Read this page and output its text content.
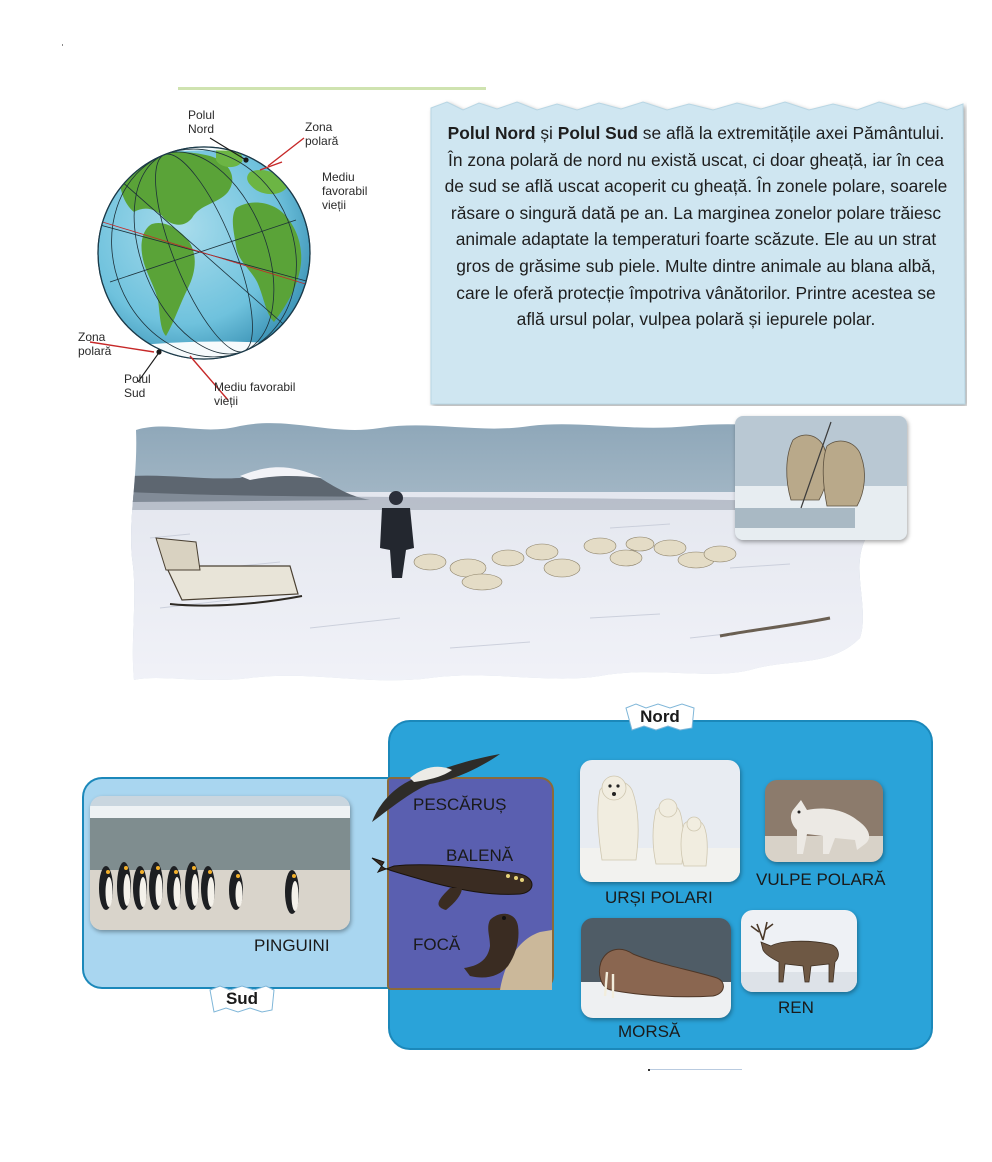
Polul
Nord	Zona
polară
Mediu
favorabil
vieții
Zona
polară
Polul
Sud	Mediu favorabil
vieții
Polul Nord și Polul Sud se află la extremitățile axei Pământului. În zona polară de nord nu există uscat, ci doar gheață, iar în cea de sud se află uscat acoperit cu gheață. În zonele polare, soarele răsare o singură dată pe an. La marginea zonelor polare trăiesc animale adaptate la temperaturi foarte scăzute. Ele au un strat gros de grăsime sub piele. Multe dintre animale au blana albă, care le oferă protecție împotriva vânătorilor. Printre acestea se află ursul polar, vulpea polară și iepurele polar.
Nord
Sud
PINGUINI
PESCĂRUȘ
BALENĂ
FOCĂ
URȘI POLARI
VULPE POLARĂ
MORSĂ
REN
